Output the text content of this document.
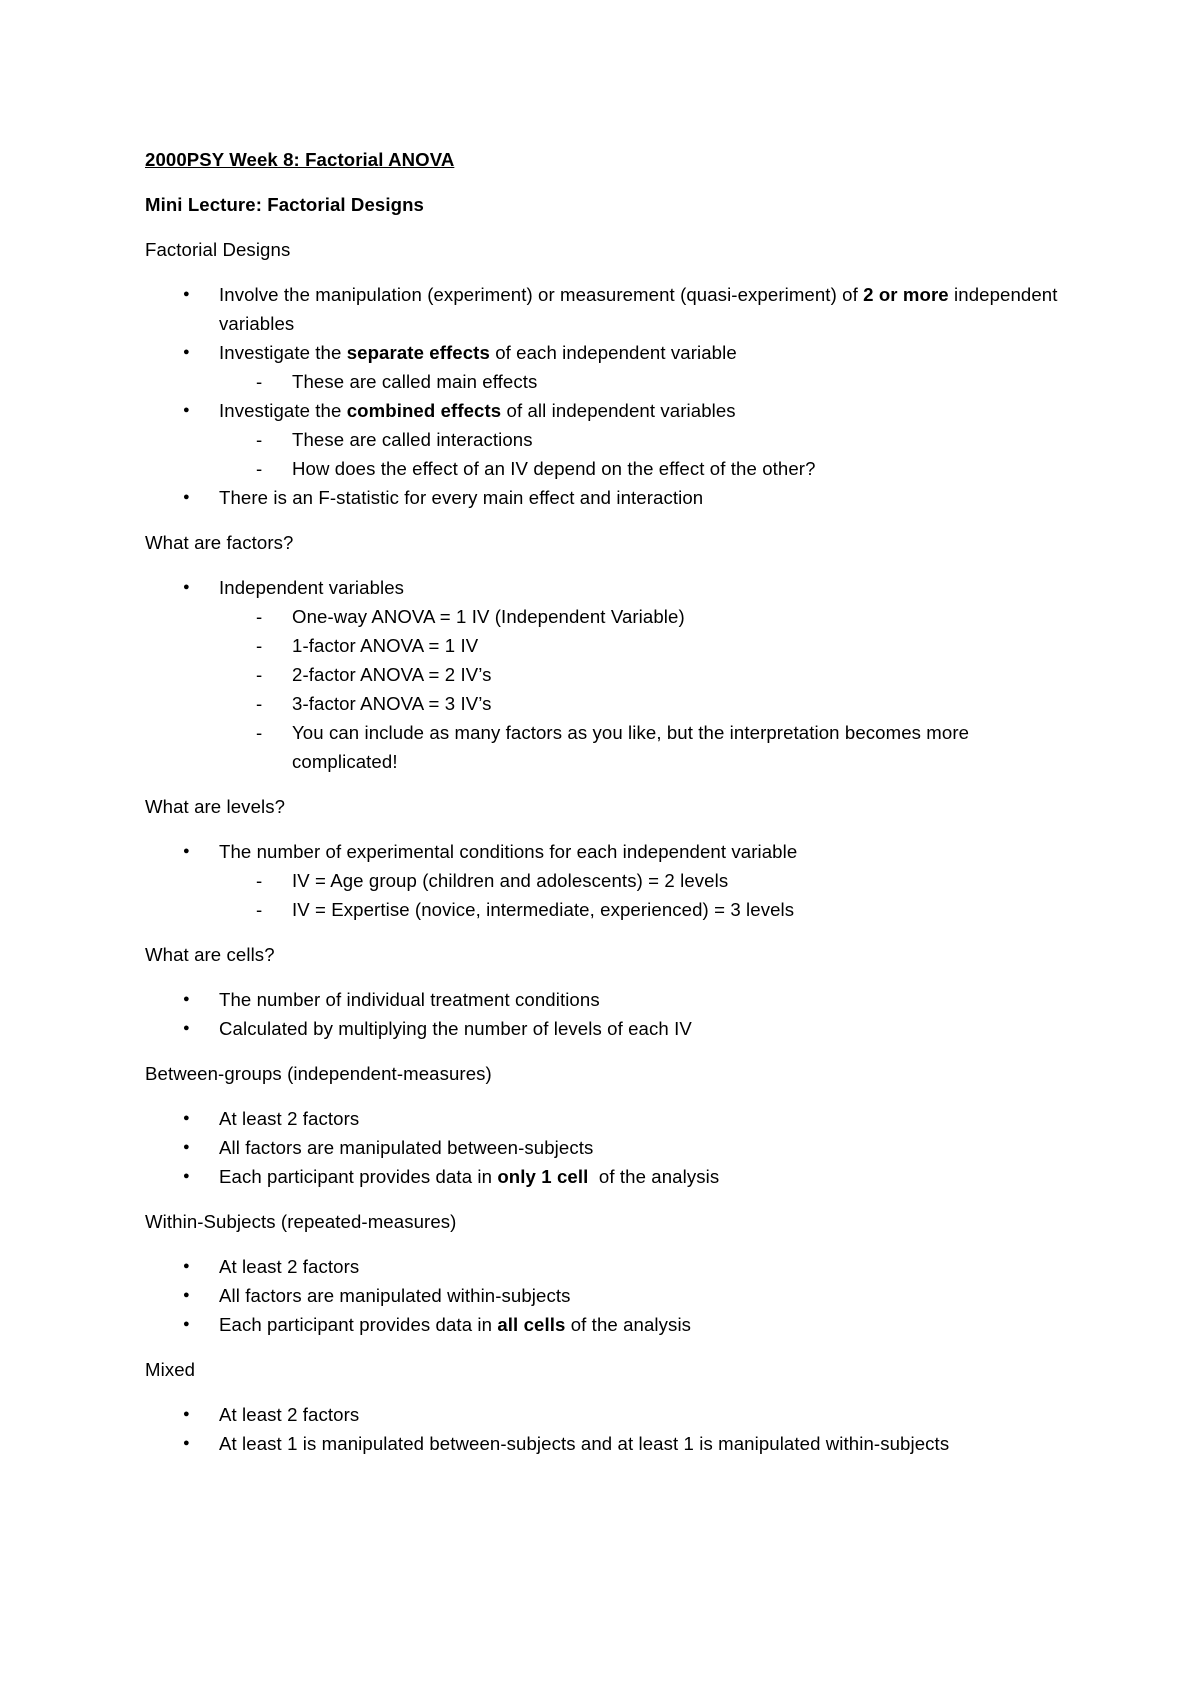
2000PSY Week 8: Factorial ANOVA
Mini Lecture: Factorial Designs
Factorial Designs
● Involve the manipulation (experiment) or measurement (quasi-experiment) of 2 or more independent variables
● Investigate the separate effects of each independent variable
- These are called main effects
● Investigate the combined effects of all independent variables
- These are called interactions
- How does the effect of an IV depend on the effect of the other?
● There is an F-statistic for every main effect and interaction
What are factors?
● Independent variables
- One-way ANOVA = 1 IV (Independent Variable)
- 1-factor ANOVA = 1 IV
- 2-factor ANOVA = 2 IV’s
- 3-factor ANOVA = 3 IV’s
- You can include as many factors as you like, but the interpretation becomes more complicated!
What are levels?
● The number of experimental conditions for each independent variable
- IV = Age group (children and adolescents) = 2 levels
- IV = Expertise (novice, intermediate, experienced) = 3 levels
What are cells?
● The number of individual treatment conditions
● Calculated by multiplying the number of levels of each IV
Between-groups (independent-measures)
● At least 2 factors
● All factors are manipulated between-subjects
● Each participant provides data in only 1 cell  of the analysis
Within-Subjects (repeated-measures)
● At least 2 factors
● All factors are manipulated within-subjects
● Each participant provides data in all cells of the analysis
Mixed
● At least 2 factors
● At least 1 is manipulated between-subjects and at least 1 is manipulated within-subjects
